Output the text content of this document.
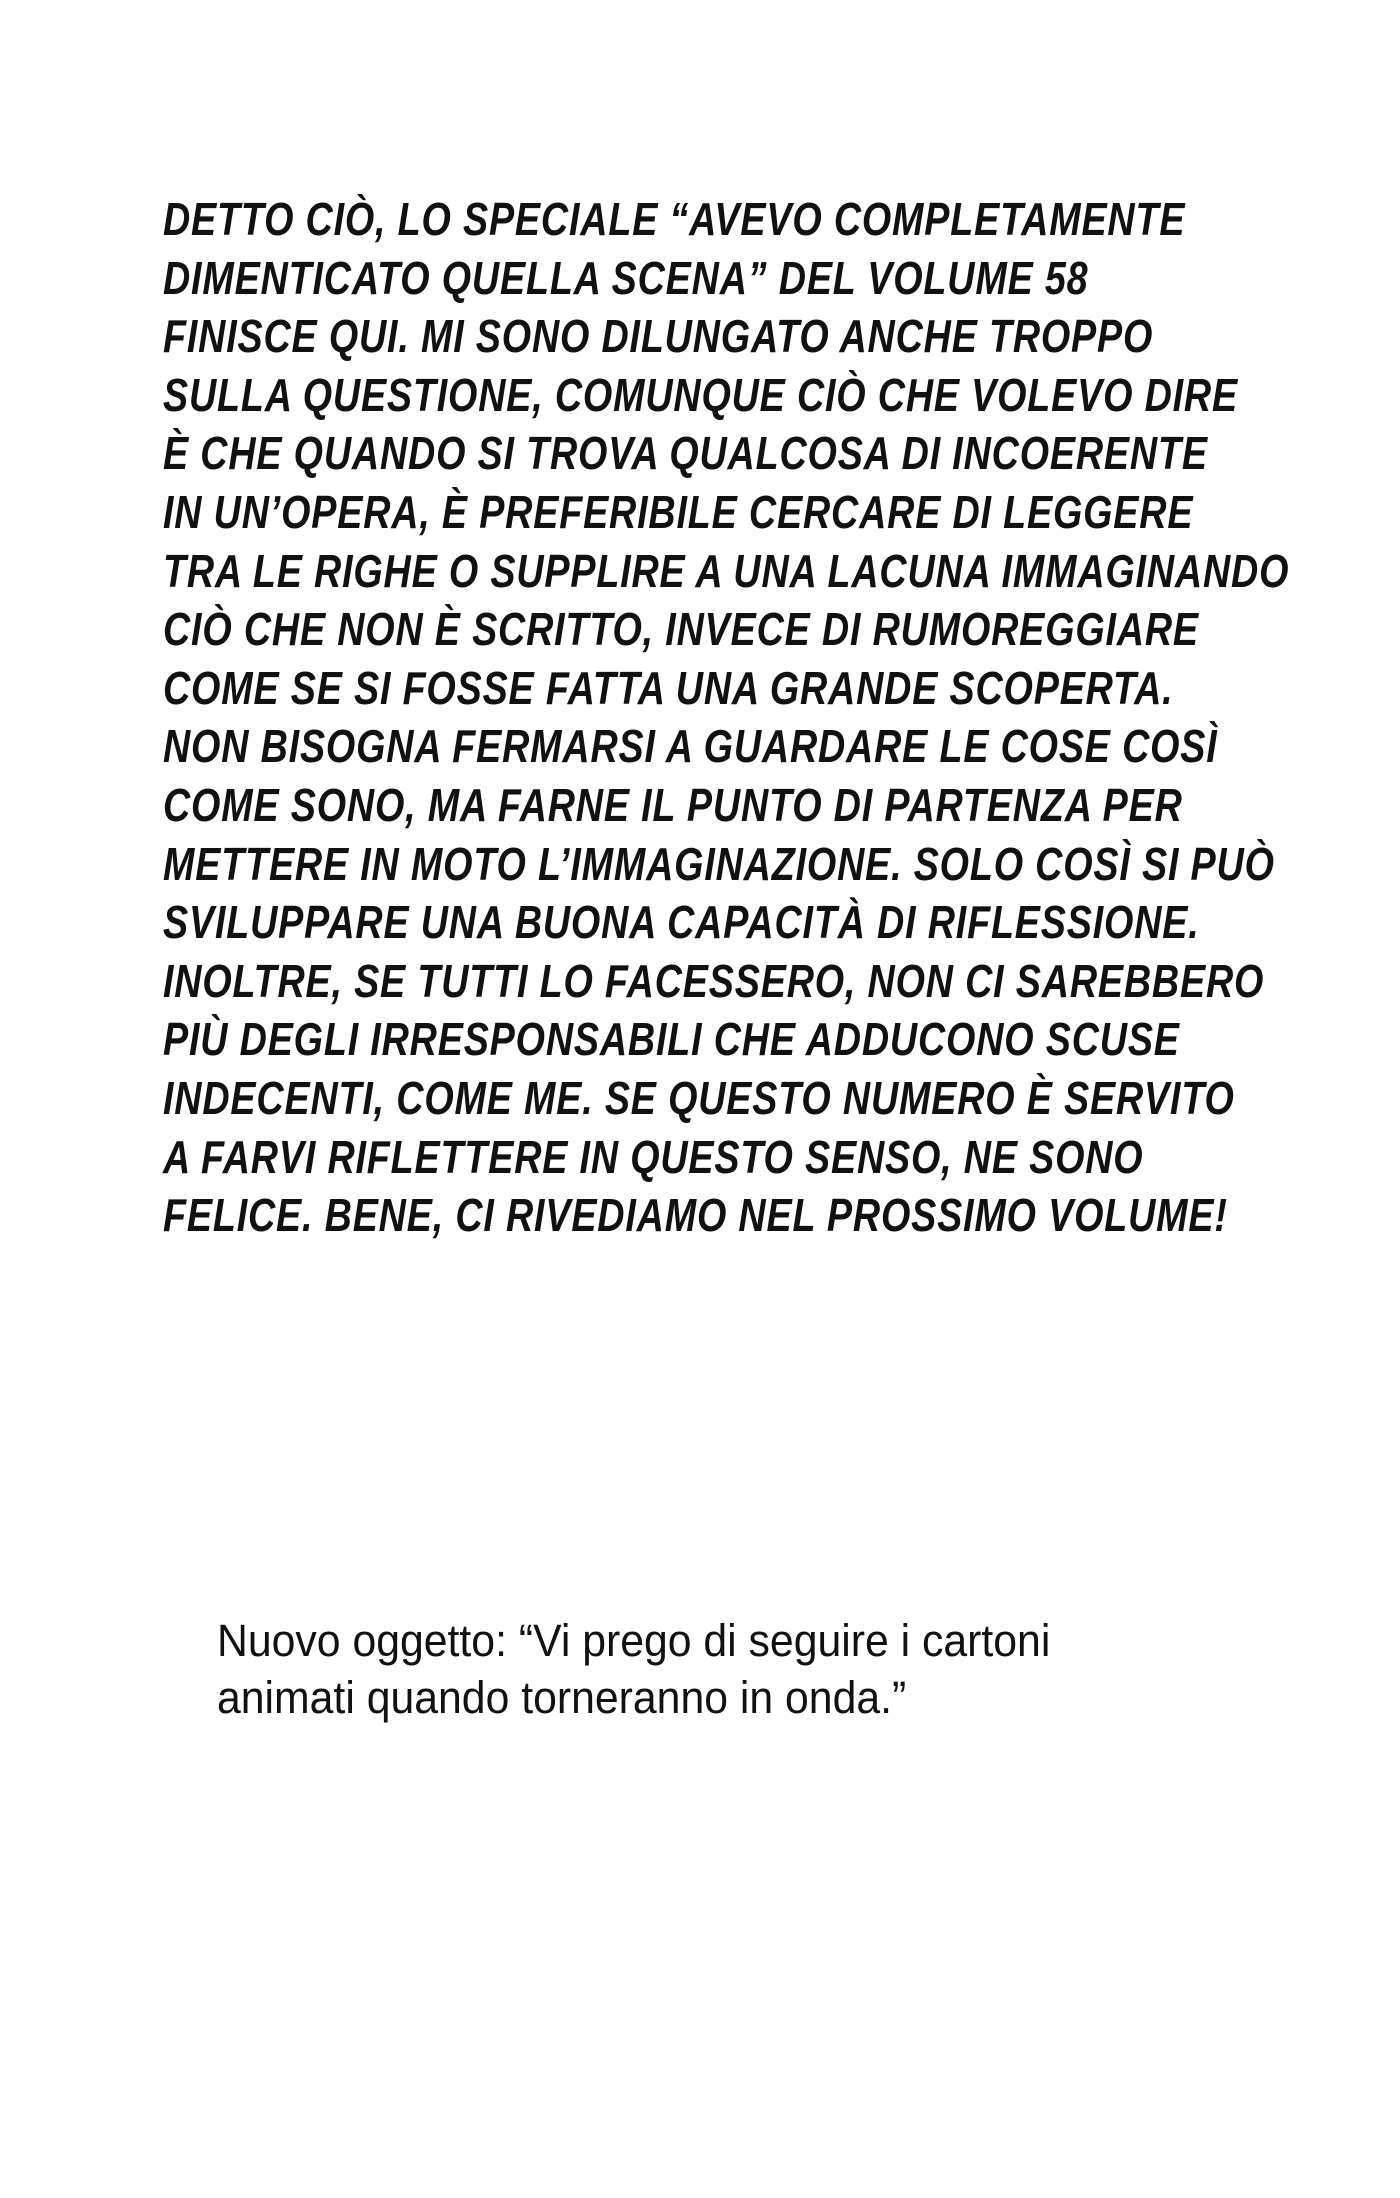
DETTO CIÒ, LO SPECIALE “AVEVO COMPLETAMENTE
DIMENTICATO QUELLA SCENA” DEL VOLUME 58
FINISCE QUI. MI SONO DILUNGATO ANCHE TROPPO
SULLA QUESTIONE, COMUNQUE CIÒ CHE VOLEVO DIRE
È CHE QUANDO SI TROVA QUALCOSA DI INCOERENTE
IN UN’OPERA, È PREFERIBILE CERCARE DI LEGGERE
TRA LE RIGHE O SUPPLIRE A UNA LACUNA IMMAGINANDO
CIÒ CHE NON È SCRITTO, INVECE DI RUMOREGGIARE
COME SE SI FOSSE FATTA UNA GRANDE SCOPERTA.
NON BISOGNA FERMARSI A GUARDARE LE COSE COSÌ
COME SONO, MA FARNE IL PUNTO DI PARTENZA PER
METTERE IN MOTO L’IMMAGINAZIONE. SOLO COSÌ SI PUÒ
SVILUPPARE UNA BUONA CAPACITÀ DI RIFLESSIONE.
INOLTRE, SE TUTTI LO FACESSERO, NON CI SAREBBERO
PIÙ DEGLI IRRESPONSABILI CHE ADDUCONO SCUSE
INDECENTI, COME ME. SE QUESTO NUMERO È SERVITO
A FARVI RIFLETTERE IN QUESTO SENSO, NE SONO
FELICE. BENE, CI RIVEDIAMO NEL PROSSIMO VOLUME!
Nuovo oggetto: “Vi prego di seguire i cartoni
animati quando torneranno in onda.”
